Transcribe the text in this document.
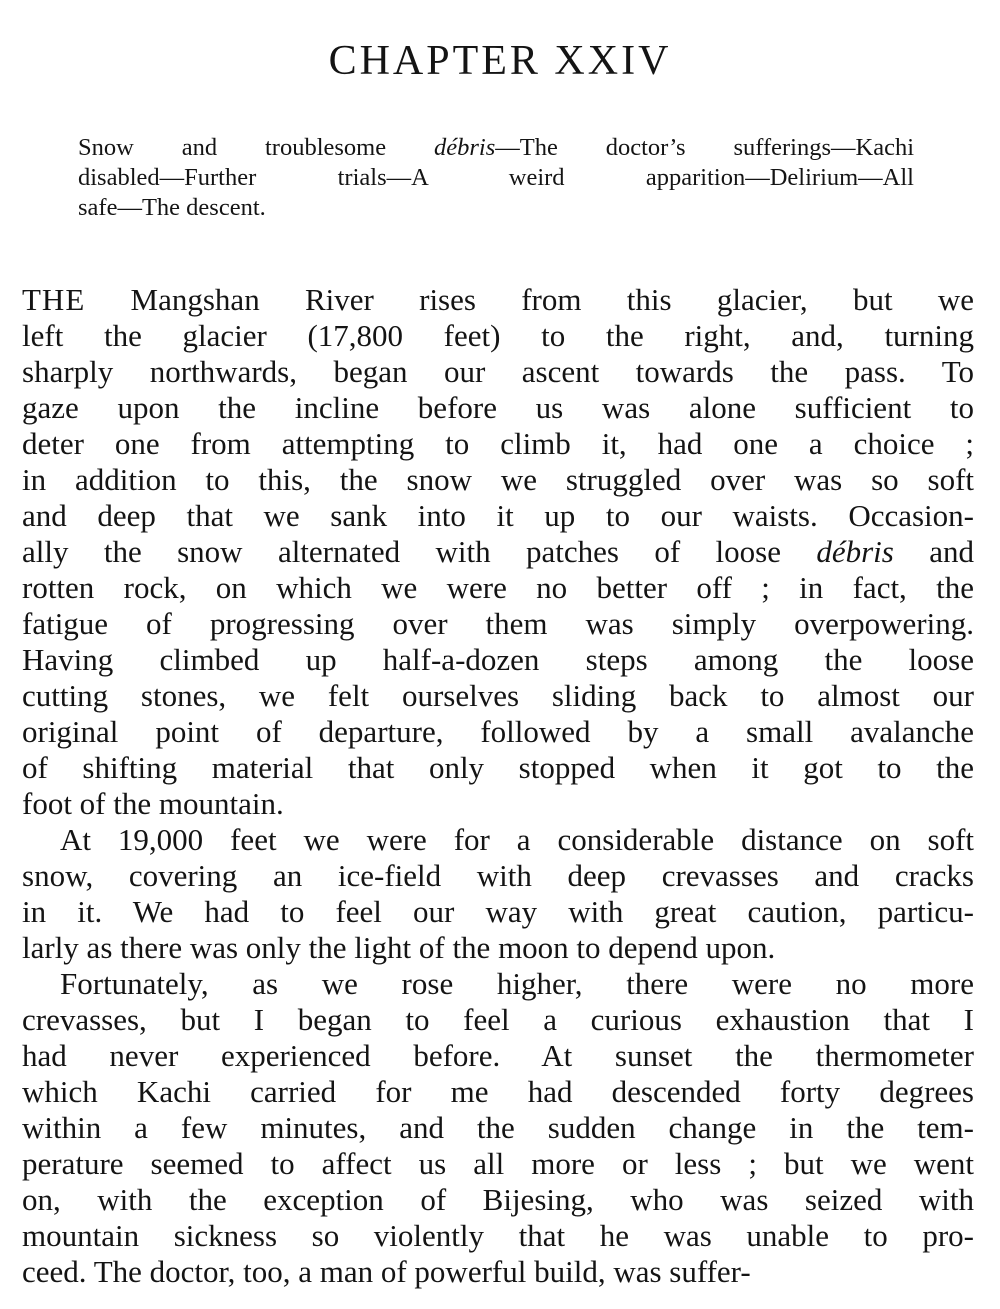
CHAPTER XXIV
Snow and troublesome débris—The doctor’s sufferings—Kachi
disabled—Further trials—A weird apparition—Delirium—All
safe—The descent.
THE Mangshan River rises from this glacier, but we
left the glacier (17,800 feet) to the right, and, turning
sharply northwards, began our ascent towards the pass. To
gaze upon the incline before us was alone sufficient to
deter one from attempting to climb it, had one a choice ;
in addition to this, the snow we struggled over was so soft
and deep that we sank into it up to our waists. Occasion-
ally the snow alternated with patches of loose débris and
rotten rock, on which we were no better off ; in fact, the
fatigue of progressing over them was simply overpowering.
Having climbed up half-a-dozen steps among the loose
cutting stones, we felt ourselves sliding back to almost our
original point of departure, followed by a small avalanche
of shifting material that only stopped when it got to the
foot of the mountain.
At 19,000 feet we were for a considerable distance on soft
snow, covering an ice-field with deep crevasses and cracks
in it. We had to feel our way with great caution, particu-
larly as there was only the light of the moon to depend upon.
Fortunately, as we rose higher, there were no more
crevasses, but I began to feel a curious exhaustion that I
had never experienced before. At sunset the thermometer
which Kachi carried for me had descended forty degrees
within a few minutes, and the sudden change in the tem-
perature seemed to affect us all more or less ; but we went
on, with the exception of Bijesing, who was seized with
mountain sickness so violently that he was unable to pro-
ceed. The doctor, too, a man of powerful build, was suffer-
